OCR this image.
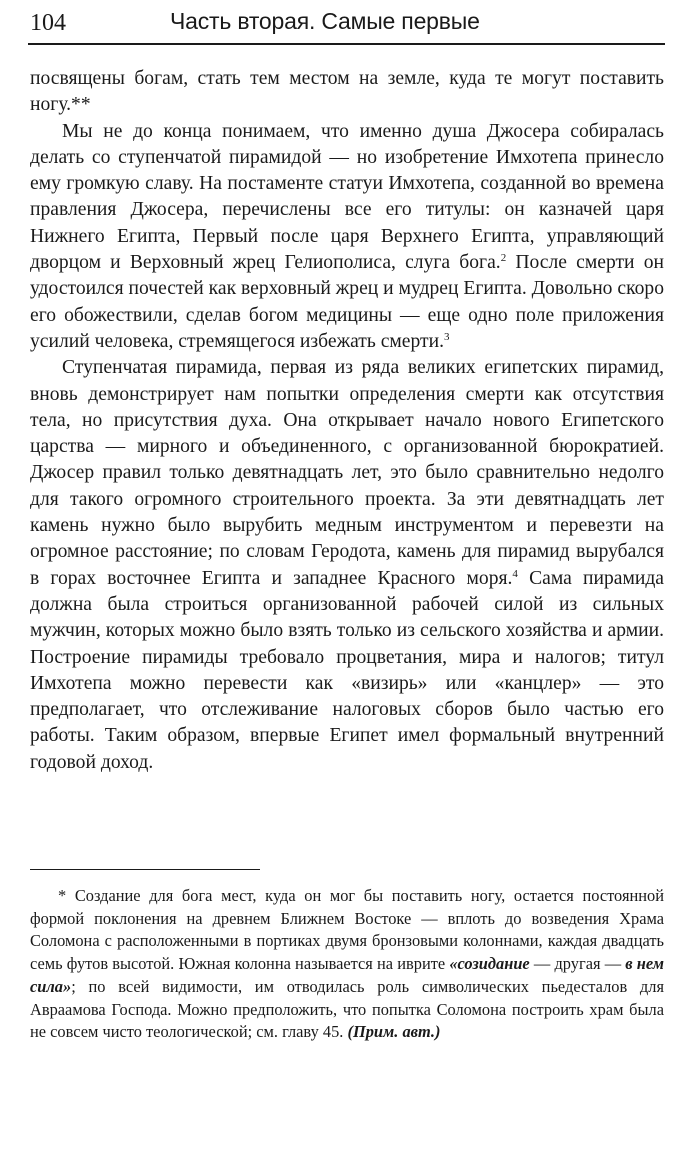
104	Часть вторая. Самые первые

посвящены богам, стать тем местом на земле, куда те могут поставить ногу.**

Мы не до конца понимаем, что именно душа Джосера собиралась делать со ступенчатой пирамидой — но изобретение Имхотепа принесло ему громкую славу. На постаменте статуи Имхотепа, созданной во времена правления Джосера, перечислены все его титулы: он казначей царя Нижнего Египта, Первый после царя Верхнего Египта, управляющий дворцом и Верховный жрец Гелиополиса, слуга бога.$^2$ После смерти он удостоился почестей как верховный жрец и мудрец Египта. Довольно скоро его обожествили, сделав богом медицины — еще одно поле приложения усилий человека, стремящегося избежать смерти.$^3$

Ступенчатая пирамида, первая из ряда великих египетских пирамид, вновь демонстрирует нам попытки определения смерти как отсутствия тела, но присутствия духа. Она открывает начало нового Египетского царства — мирного и объединенного, с организованной бюрократией. Джосер правил только девятнадцать лет, это было сравнительно недолго для такого огромного строительного проекта. За эти девятнадцать лет камень нужно было вырубить медным инструментом и перевезти на огромное расстояние; по словам Геродота, камень для пирамид вырубался в горах восточнее Египта и западнее Красного моря.$^4$ Сама пирамида должна была строиться организованной рабочей силой из сильных мужчин, которых можно было взять только из сельского хозяйства и армии. Построение пирамиды требовало процветания, мира и налогов; титул Имхотепа можно перевести как «визирь» или «канцлер» — это предполагает, что отслеживание налоговых сборов было частью его работы. Таким образом, впервые Египет имел формальный внутренний годовой доход.

* Создание для бога мест, куда он мог бы поставить ногу, остается постоянной формой поклонения на древнем Ближнем Востоке — вплоть до возведения Храма Соломона с расположенными в портиках двумя бронзовыми колоннами, каждая двадцать семь футов высотой. Южная колонна называется на иврите «созидание — другая — в нем сила»; по всей видимости, им отводилась роль символических пьедесталов для Авраамова Господа. Можно предположить, что попытка Соломона построить храм была не совсем чисто теологической; см. главу 45. (Прим. авт.)
